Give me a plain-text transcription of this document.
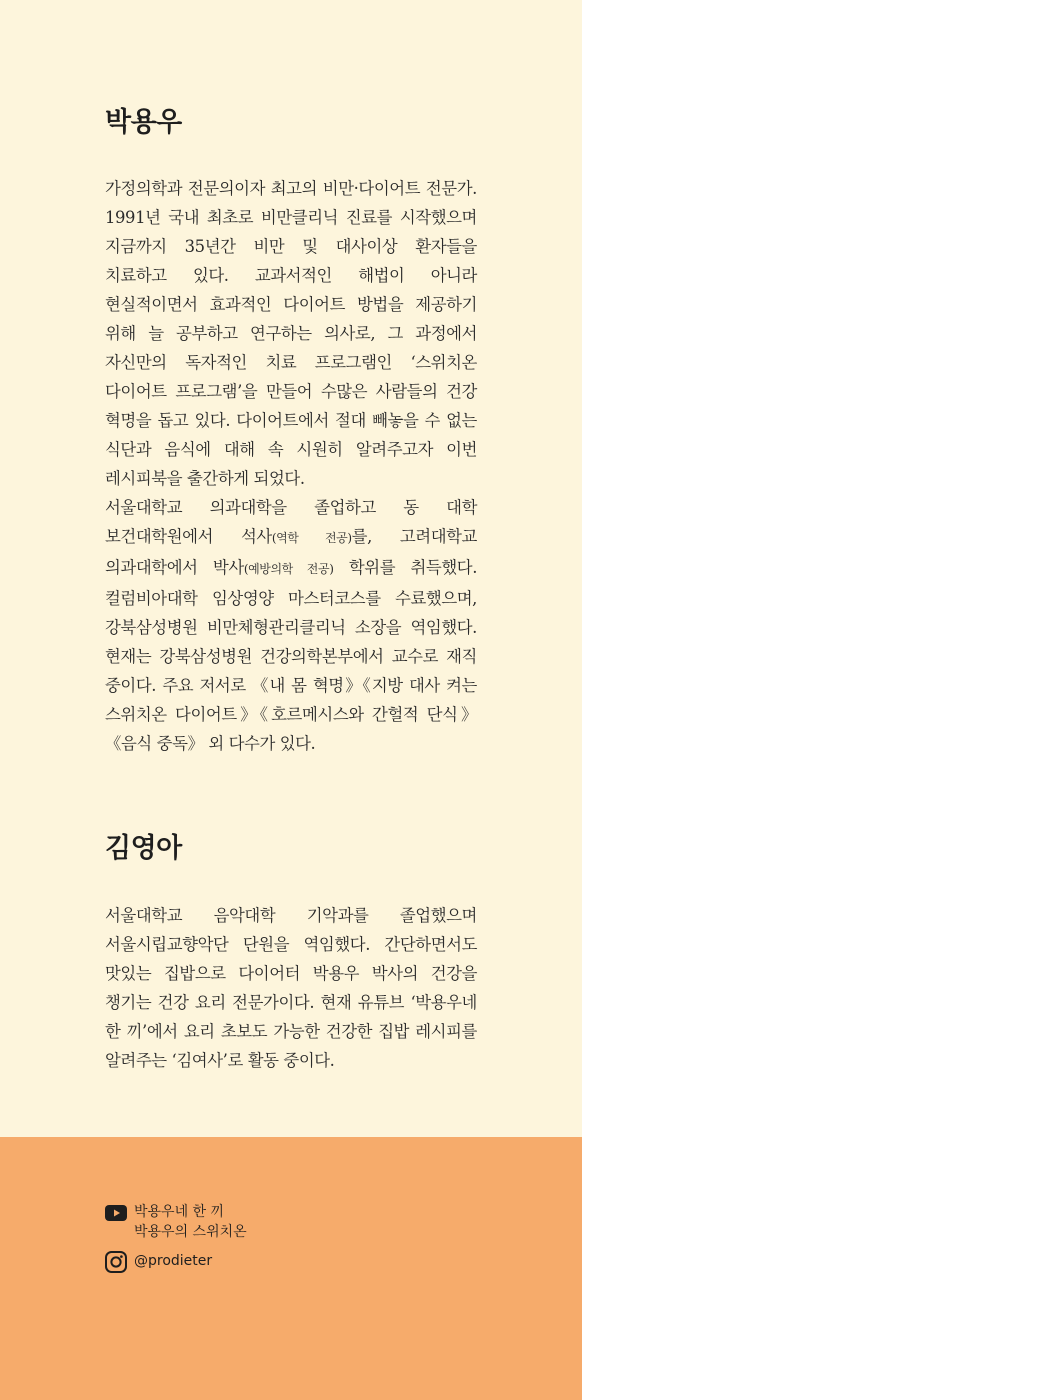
박용우

가정의학과 전문의이자 최고의 비만·다이어트 전문가. 1991년 국내 최초로 비만클리닉 진료를 시작했으며 지금까지 35년간 비만 및 대사이상 환자들을 치료하고 있다. 교과서적인 해법이 아니라 현실적이면서 효과적인 다이어트 방법을 제공하기 위해 늘 공부하고 연구하는 의사로, 그 과정에서 자신만의 독자적인 치료 프로그램인 ‘스위치온 다이어트 프로그램’을 만들어 수많은 사람들의 건강 혁명을 돕고 있다. 다이어트에서 절대 빼놓을 수 없는 식단과 음식에 대해 속 시원히 알려주고자 이번 레시피북을 출간하게 되었다.

서울대학교 의과대학을 졸업하고 동 대학 보건대학원에서 석사(역학 전공)를, 고려대학교 의과대학에서 박사(예방의학 전공) 학위를 취득했다. 컬럼비아대학 임상영양 마스터코스를 수료했으며, 강북삼성병원 비만체형관리클리닉 소장을 역임했다. 현재는 강북삼성병원 건강의학본부에서 교수로 재직 중이다. 주요 저서로 《내 몸 혁명》《지방 대사 켜는 스위치온 다이어트》《호르메시스와 간헐적 단식》《음식 중독》 외 다수가 있다.

김영아

서울대학교 음악대학 기악과를 졸업했으며 서울시립교향악단 단원을 역임했다. 간단하면서도 맛있는 집밥으로 다이어터 박용우 박사의 건강을 챙기는 건강 요리 전문가이다. 현재 유튜브 ‘박용우네 한 끼’에서 요리 초보도 가능한 건강한 집밥 레시피를 알려주는 ‘김여사’로 활동 중이다.

박용우네 한 끼
박용우의 스위치온
@prodieter
